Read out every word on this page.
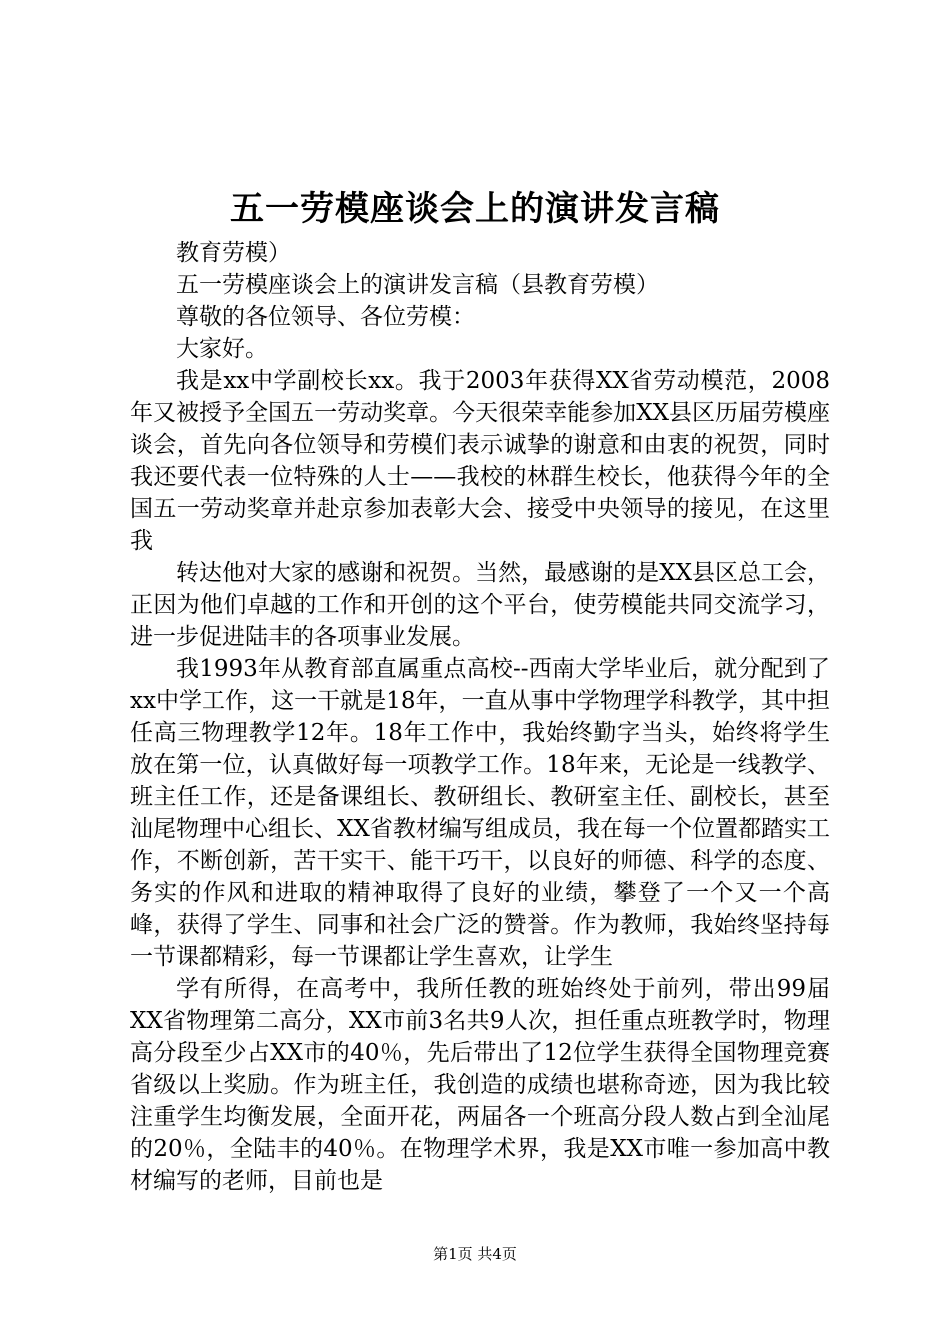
五一劳模座谈会上的演讲发言稿

教育劳模）

五一劳模座谈会上的演讲发言稿（县教育劳模）

尊敬的各位领导、各位劳模：

大家好。

我是xx中学副校长xx。我于2003年获得XX省劳动模范，2008年又被授予全国五一劳动奖章。今天很荣幸能参加XX县区历届劳模座谈会，首先向各位领导和劳模们表示诚挚的谢意和由衷的祝贺，同时我还要代表一位特殊的人士——我校的林群生校长，他获得今年的全国五一劳动奖章并赴京参加表彰大会、接受中央领导的接见，在这里我

转达他对大家的感谢和祝贺。当然，最感谢的是XX县区总工会，正因为他们卓越的工作和开创的这个平台，使劳模能共同交流学习，进一步促进陆丰的各项事业发展。

我1993年从教育部直属重点高校--西南大学毕业后，就分配到了xx中学工作，这一干就是18年，一直从事中学物理学科教学，其中担任高三物理教学12年。18年工作中，我始终勤字当头，始终将学生放在第一位，认真做好每一项教学工作。18年来，无论是一线教学、班主任工作，还是备课组长、教研组长、教研室主任、副校长，甚至汕尾物理中心组长、XX省教材编写组成员，我在每一个位置都踏实工作，不断创新，苦干实干、能干巧干，以良好的师德、科学的态度、务实的作风和进取的精神取得了良好的业绩，攀登了一个又一个高峰，获得了学生、同事和社会广泛的赞誉。作为教师，我始终坚持每一节课都精彩，每一节课都让学生喜欢，让学生

学有所得，在高考中，我所任教的班始终处于前列，带出99届XX省物理第二高分，XX市前3名共9人次，担任重点班教学时，物理高分段至少占XX市的40％，先后带出了12位学生获得全国物理竞赛省级以上奖励。作为班主任，我创造的成绩也堪称奇迹，因为我比较注重学生均衡发展，全面开花，两届各一个班高分段人数占到全汕尾的20％，全陆丰的40％。在物理学术界，我是XX市唯一参加高中教材编写的老师，目前也是

第1页 共4页
